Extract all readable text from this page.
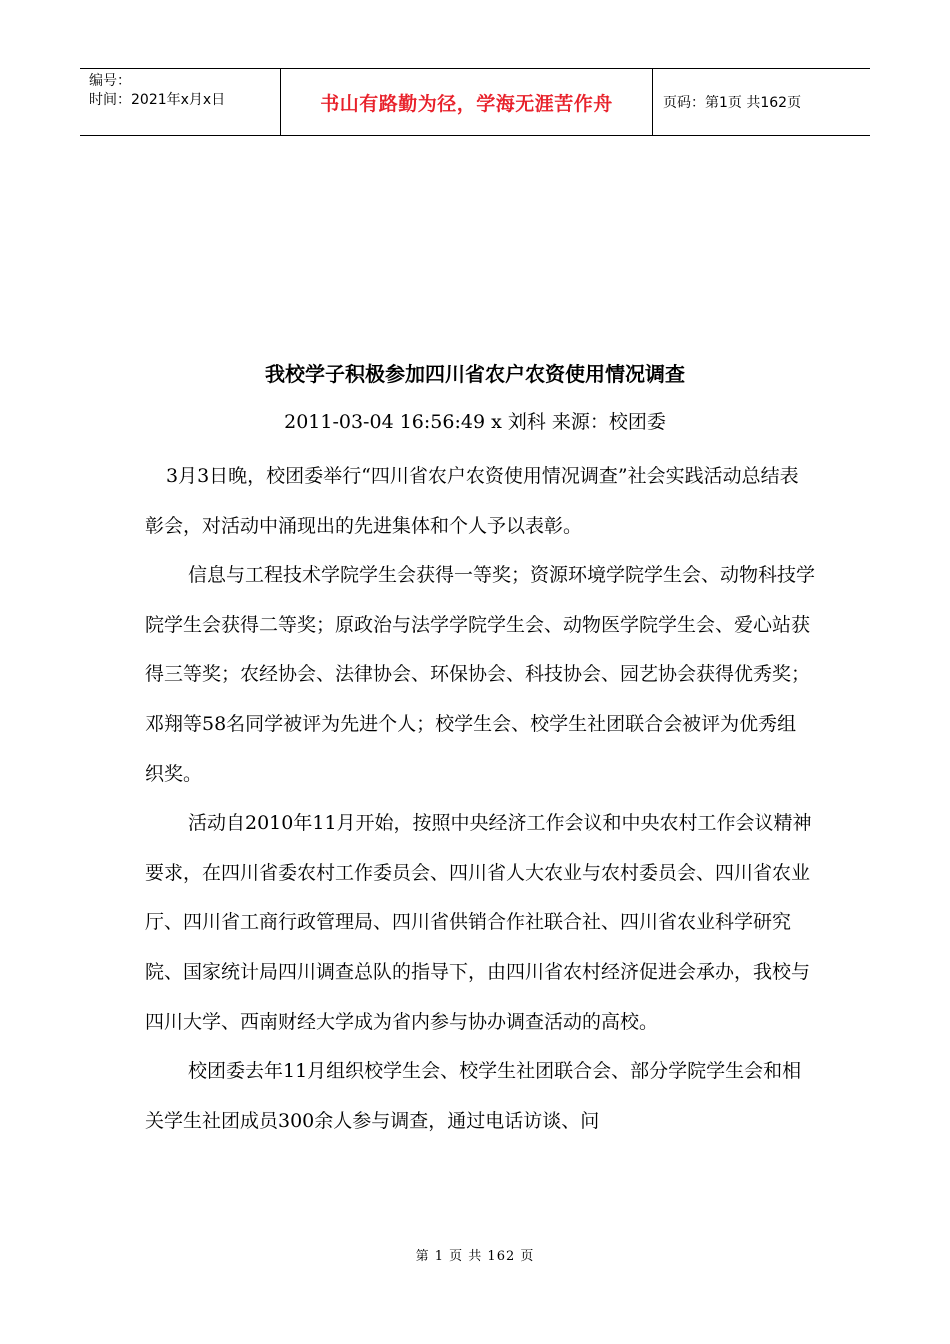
编号：
时间：2021年x月x日	书山有路勤为径，学海无涯苦作舟	页码：第1页 共162页
我校学子积极参加四川省农户农资使用情况调查
2011-03-04 16:56:49 x 刘科 来源：校团委

3月3日晚，校团委举行“四川省农户农资使用情况调查”社会实践活动总结表彰会，对活动中涌现出的先进集体和个人予以表彰。

信息与工程技术学院学生会获得一等奖；资源环境学院学生会、动物科技学院学生会获得二等奖；原政治与法学学院学生会、动物医学院学生会、爱心站获得三等奖；农经协会、法律协会、环保协会、科技协会、园艺协会获得优秀奖；邓翔等58名同学被评为先进个人；校学生会、校学生社团联合会被评为优秀组织奖。

活动自2010年11月开始，按照中央经济工作会议和中央农村工作会议精神要求，在四川省委农村工作委员会、四川省人大农业与农村委员会、四川省农业厅、四川省工商行政管理局、四川省供销合作社联合社、四川省农业科学研究院、国家统计局四川调查总队的指导下，由四川省农村经济促进会承办，我校与四川大学、西南财经大学成为省内参与协办调查活动的高校。

校团委去年11月组织校学生会、校学生社团联合会、部分学院学生会和相关学生社团成员300余人参与调查，通过电话访谈、问

第 1 页 共 162 页
